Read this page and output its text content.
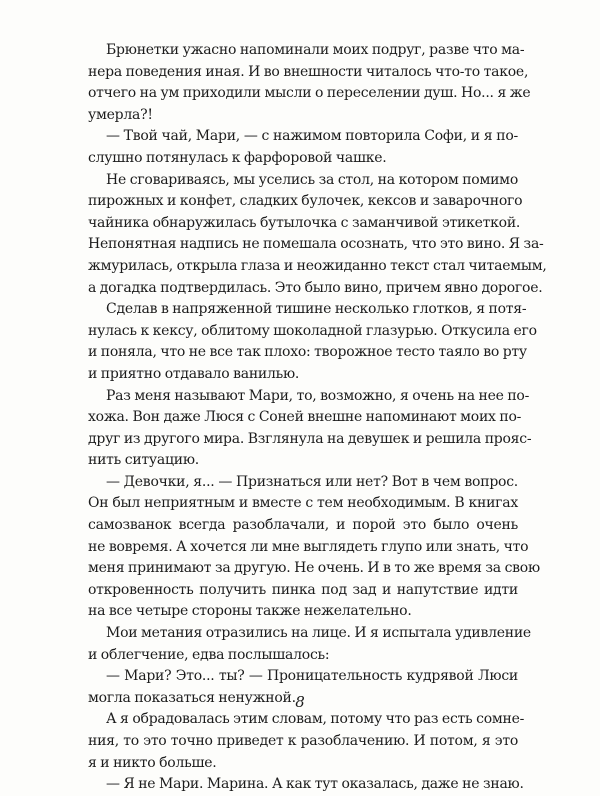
Брюнетки ужасно напоминали моих подруг, разве что ма-
нера поведения иная. И во внешности читалось что-то такое,
отчего на ум приходили мысли о переселении душ. Но... я же
умерла?!
— Твой чай, Мари, — с нажимом повторила Софи, и я по-
слушно потянулась к фарфоровой чашке.
Не сговариваясь, мы уселись за стол, на котором помимо
пирожных и конфет, сладких булочек, кексов и заварочного
чайника обнаружилась бутылочка с заманчивой этикеткой.
Непонятная надпись не помешала осознать, что это вино. Я за-
жмурилась, открыла глаза и неожиданно текст стал читаемым,
а догадка подтвердилась. Это было вино, причем явно дорогое.
Сделав в напряженной тишине несколько глотков, я потя-
нулась к кексу, облитому шоколадной глазурью. Откусила его
и поняла, что не все так плохо: творожное тесто таяло во рту
и приятно отдавало ванилью.
Раз меня называют Мари, то, возможно, я очень на нее по-
хожа. Вон даже Люся с Соней внешне напоминают моих по-
друг из другого мира. Взглянула на девушек и решила прояс-
нить ситуацию.
— Девочки, я... — Признаться или нет? Вот в чем вопрос.
Он был неприятным и вместе с тем необходимым. В книгах
самозванок всегда разоблачали, и порой это было очень
не вовремя. А хочется ли мне выглядеть глупо или знать, что
меня принимают за другую. Не очень. И в то же время за свою
откровенность получить пинка под зад и напутствие идти
на все четыре стороны также нежелательно.
Мои метания отразились на лице. И я испытала удивление
и облегчение, едва послышалось:
— Мари? Это... ты? — Проницательность кудрявой Люси
могла показаться ненужной.
А я обрадовалась этим словам, потому что раз есть сомне-
ния, то это точно приведет к разоблачению. И потом, я это
я и никто больше.
— Я не Мари. Марина. А как тут оказалась, даже не знаю.
8
